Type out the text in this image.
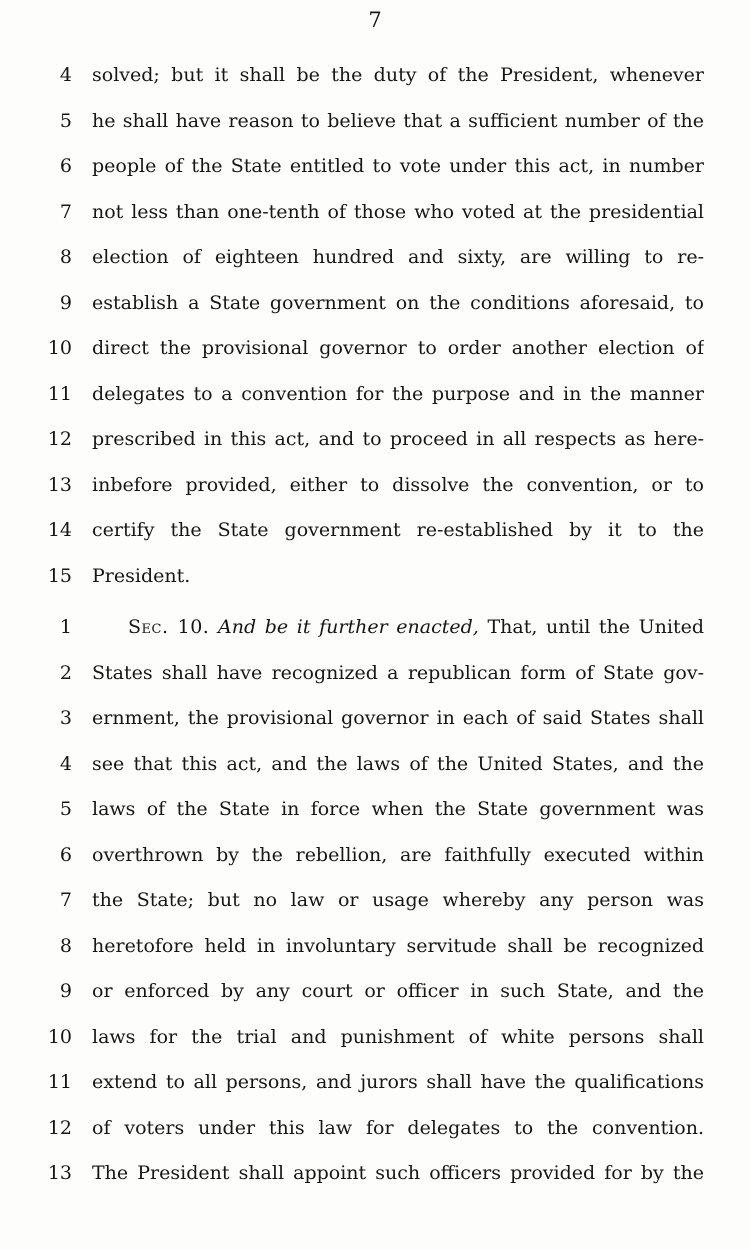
7
4	solved; but it shall be the duty of the President, whenever
5	he shall have reason to believe that a sufficient number of the
6	people of the State entitled to vote under this act, in number
7	not less than one-tenth of those who voted at the presidential
8	election of eighteen hundred and sixty, are willing to re-
9	establish a State government on the conditions aforesaid, to
10	direct the provisional governor to order another election of
11	delegates to a convention for the purpose and in the manner
12	prescribed in this act, and to proceed in all respects as here-
13	inbefore provided, either to dissolve the convention, or to
14	certify the State government re-established by it to the
15	President.
1	Sec. 10. And be it further enacted, That, until the United
2	States shall have recognized a republican form of State gov-
3	ernment, the provisional governor in each of said States shall
4	see that this act, and the laws of the United States, and the
5	laws of the State in force when the State government was
6	overthrown by the rebellion, are faithfully executed within
7	the State; but no law or usage whereby any person was
8	heretofore held in involuntary servitude shall be recognized
9	or enforced by any court or officer in such State, and the
10	laws for the trial and punishment of white persons shall
11	extend to all persons, and jurors shall have the qualifications
12	of voters under this law for delegates to the convention.
13	The President shall appoint such officers provided for by the
